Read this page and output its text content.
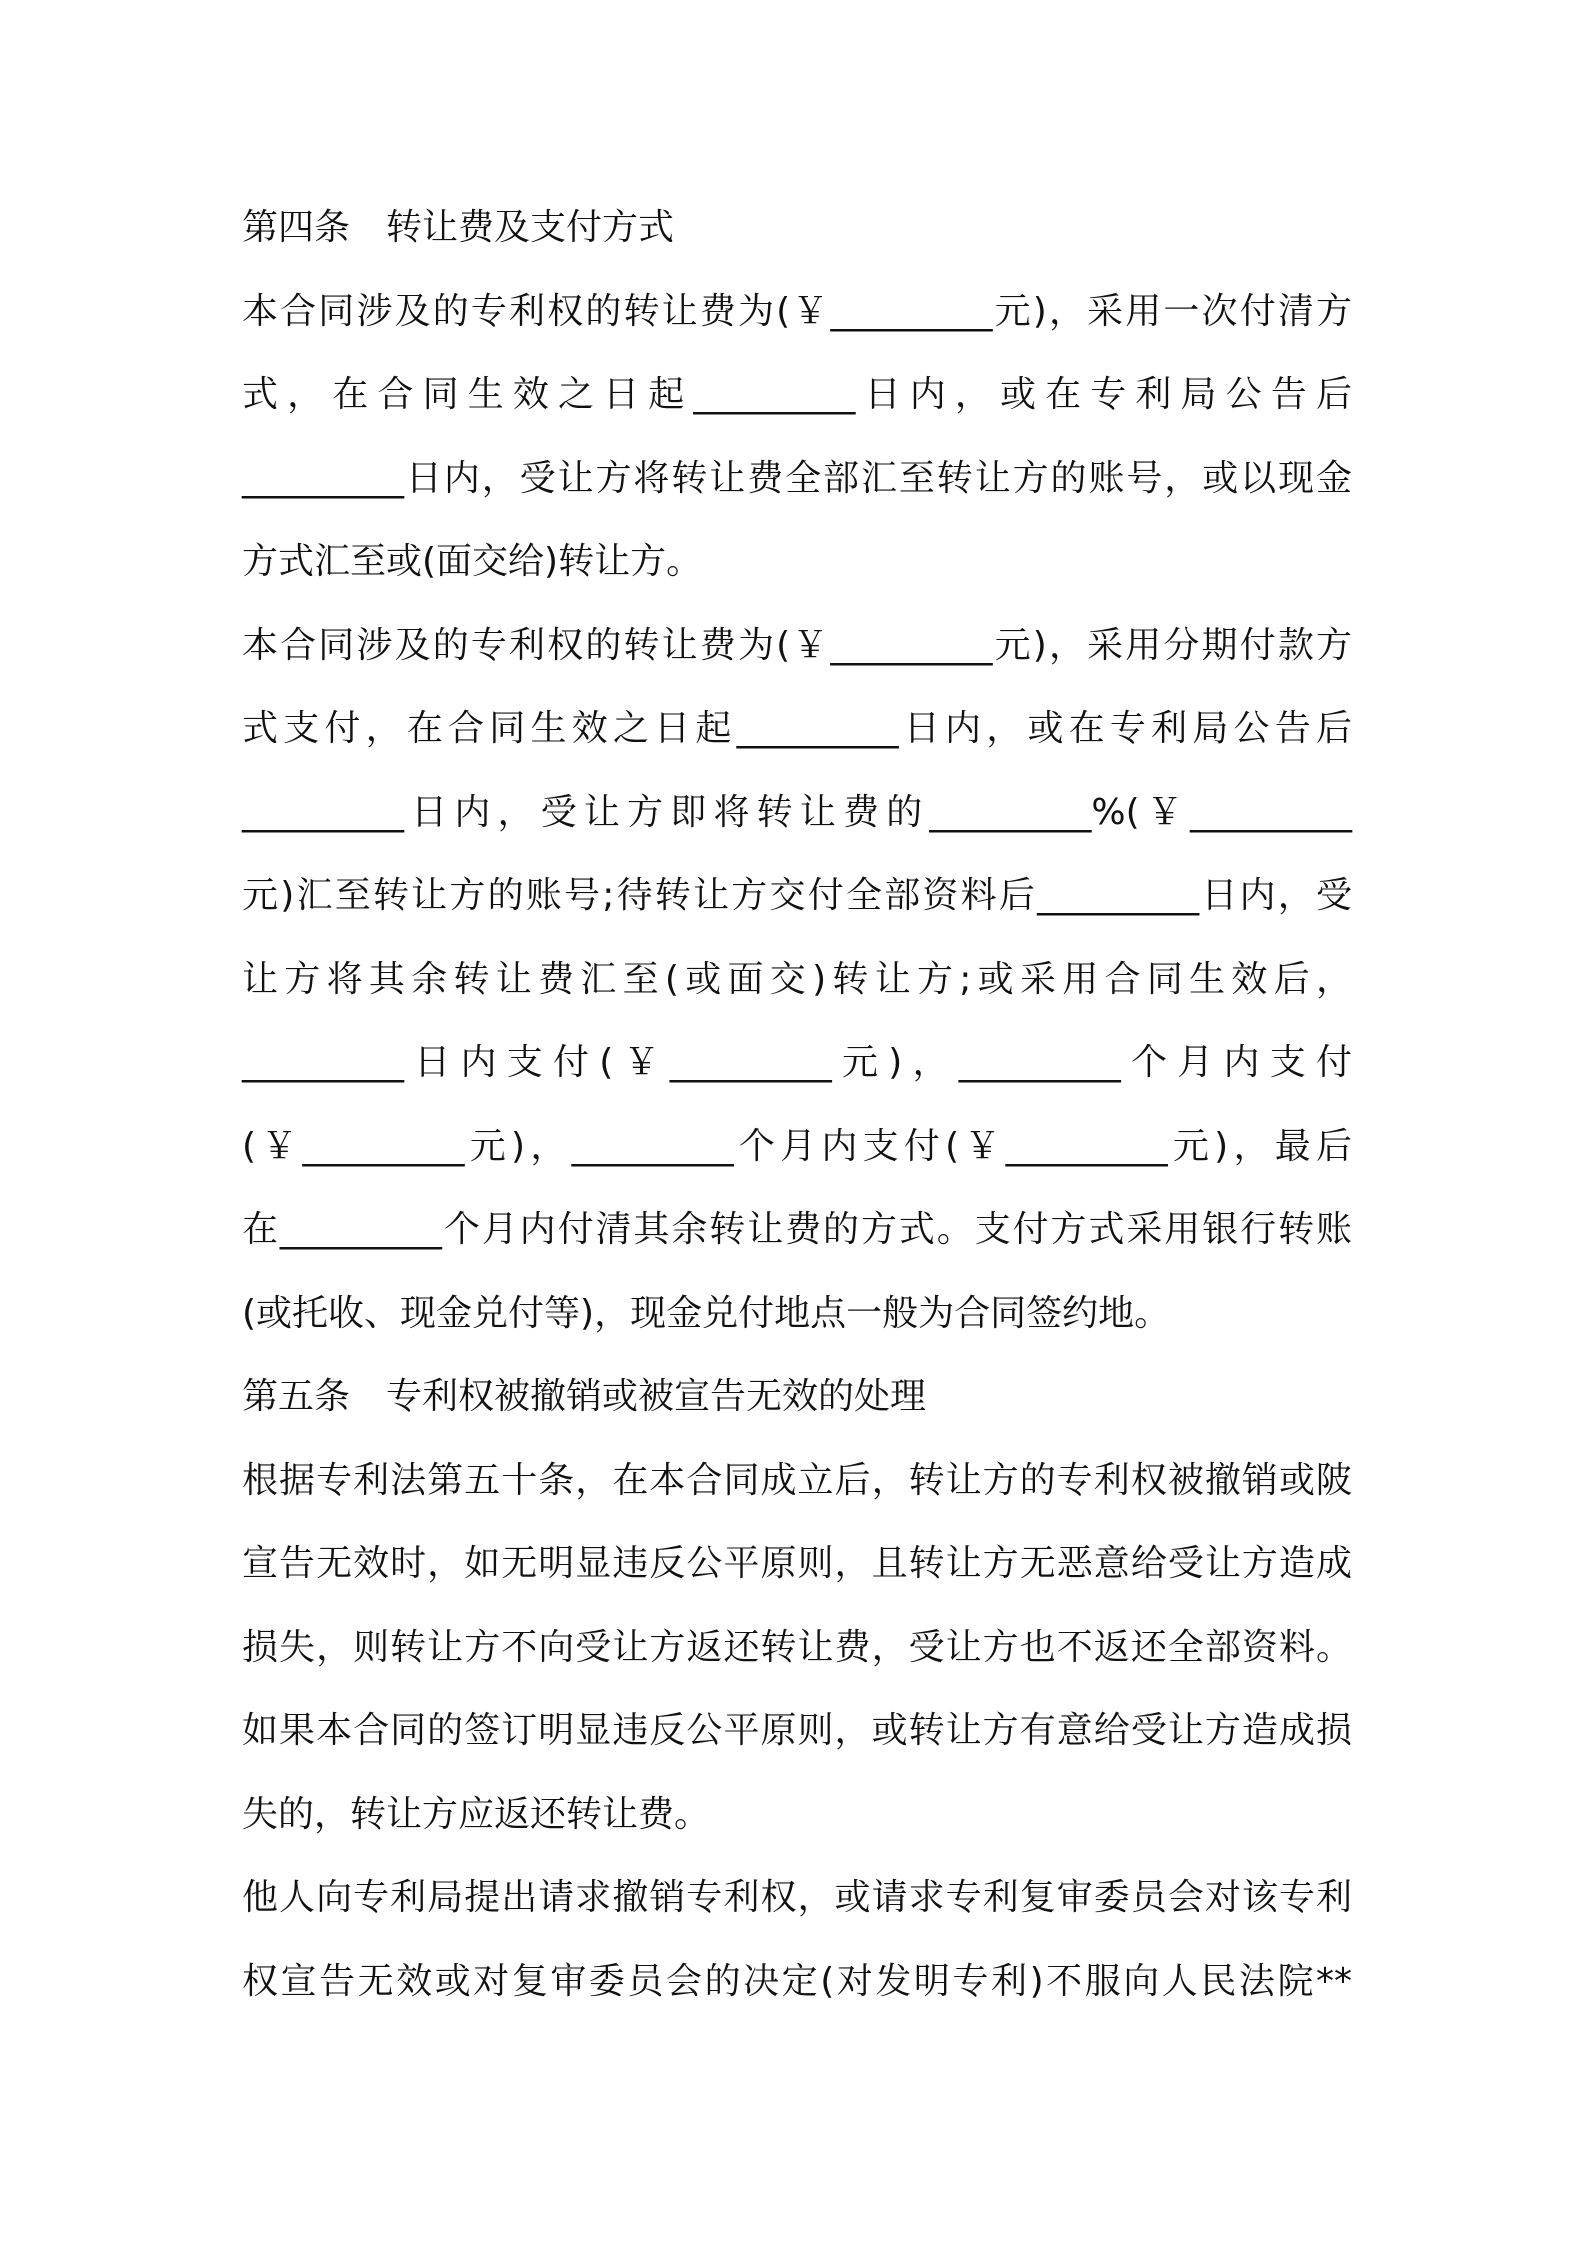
第四条　转让费及支付方式
本合同涉及的专利权的转让费为(￥_________元)，采用一次付清方
式，在合同生效之日起_________日内，或在专利局公告后
_________日内，受让方将转让费全部汇至转让方的账号，或以现金
方式汇至或(面交给)转让方。
本合同涉及的专利权的转让费为(￥_________元)，采用分期付款方
式支付，在合同生效之日起_________日内，或在专利局公告后
_________日内，受让方即将转让费的_________%(￥_________
元)汇至转让方的账号;待转让方交付全部资料后_________日内，受
让方将其余转让费汇至(或面交)转让方;或采用合同生效后，
_________日内支付(￥_________元)，_________个月内支付
(￥_________元)，_________个月内支付(￥_________元)，最后
在_________个月内付清其余转让费的方式。支付方式采用银行转账
(或托收、现金兑付等)，现金兑付地点一般为合同签约地。
第五条　专利权被撤销或被宣告无效的处理
根据专利法第五十条，在本合同成立后，转让方的专利权被撤销或陂
宣告无效时，如无明显违反公平原则，且转让方无恶意给受让方造成
损失，则转让方不向受让方返还转让费，受让方也不返还全部资料。
如果本合同的签订明显违反公平原则，或转让方有意给受让方造成损
失的，转让方应返还转让费。
他人向专利局提出请求撤销专利权，或请求专利复审委员会对该专利
权宣告无效或对复审委员会的决定(对发明专利)不服向人民法院**
